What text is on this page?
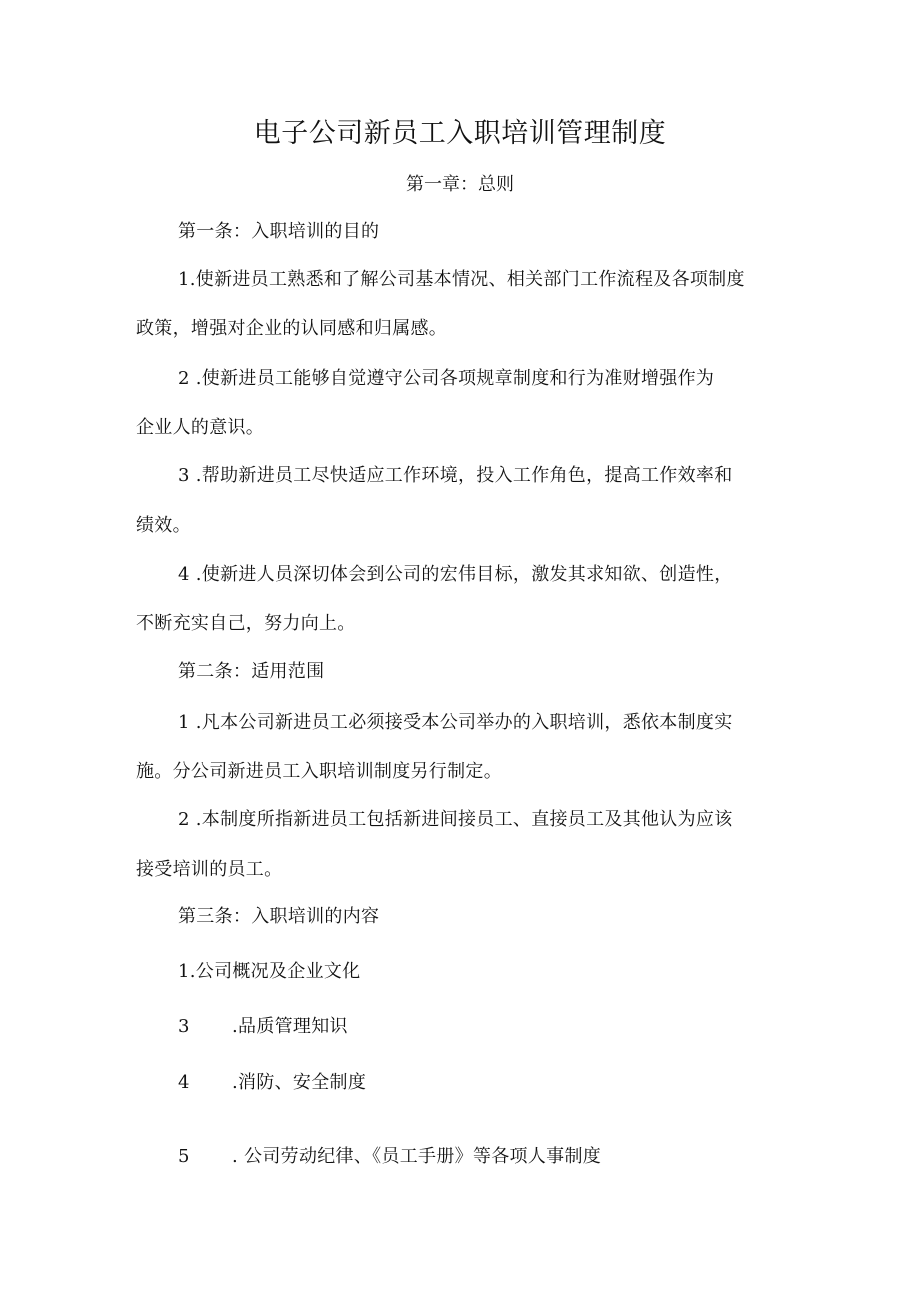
电子公司新员工入职培训管理制度
第一章：总则
第一条：入职培训的目的
1.使新进员工熟悉和了解公司基本情况、相关部门工作流程及各项制度
政策，增强对企业的认同感和归属感。
2 .使新进员工能够自觉遵守公司各项规章制度和行为准财增强作为
企业人的意识。
3 .帮助新进员工尽快适应工作环境，投入工作角色，提高工作效率和
绩效。
4 .使新进人员深切体会到公司的宏伟目标，激发其求知欲、创造性，
不断充实自己，努力向上。
第二条：适用范围
1 .凡本公司新进员工必须接受本公司举办的入职培训，悉依本制度实
施。分公司新进员工入职培训制度另行制定。
2 .本制度所指新进员工包括新进间接员工、直接员工及其他认为应该
接受培训的员工。
第三条：入职培训的内容
1.公司概况及企业文化
3 .品质管理知识
4 .消防、安全制度
5 . 公司劳动纪律、《员工手册》等各项人事制度
